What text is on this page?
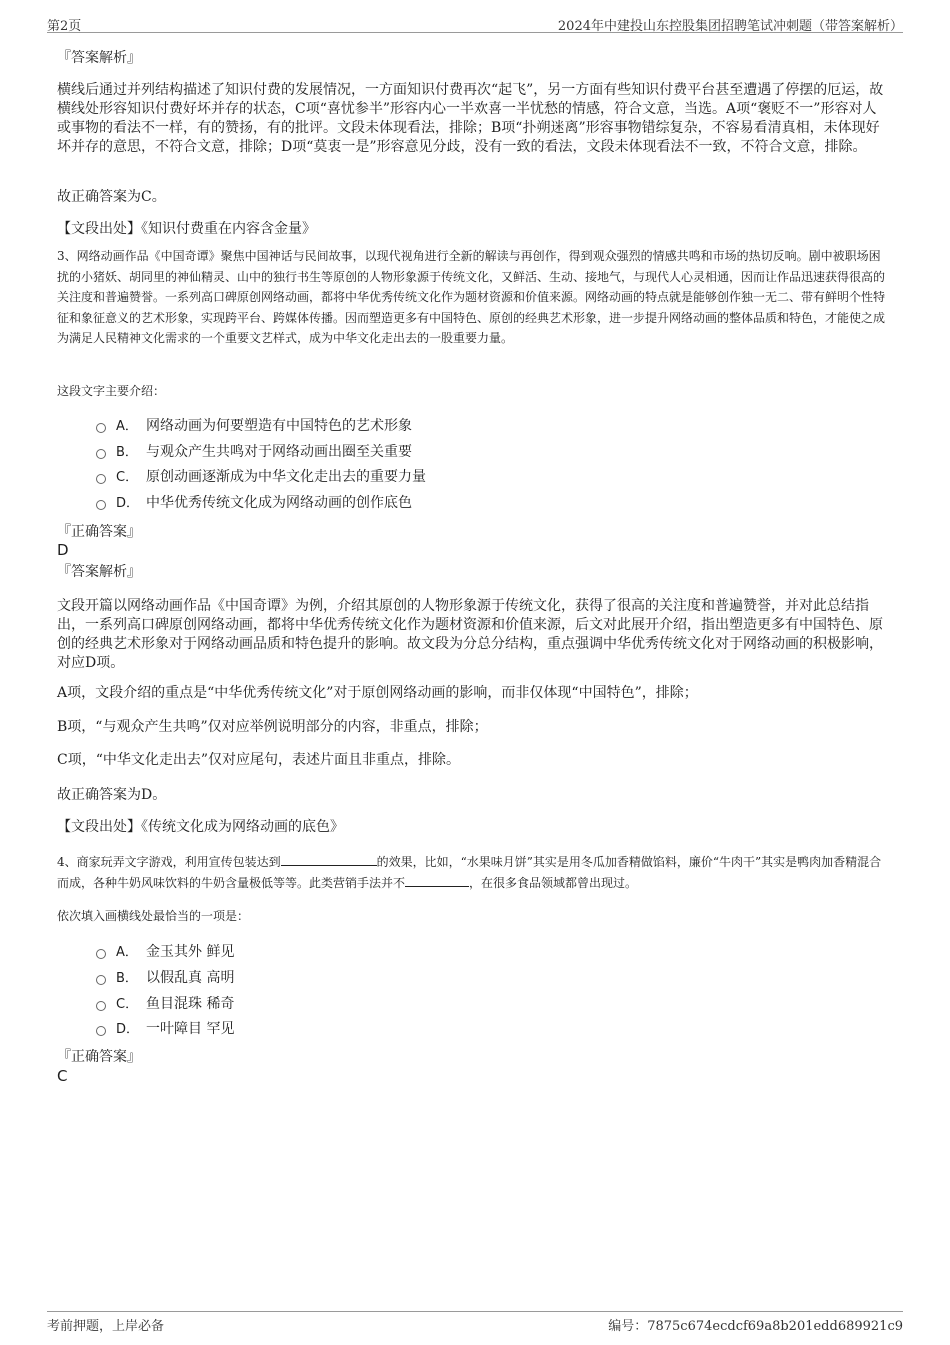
第2页	2024年中建投山东控股集团招聘笔试冲刺题（带答案解析）
『答案解析』
横线后通过并列结构描述了知识付费的发展情况，一方面知识付费再次“起飞”，另一方面有些知识付费平台甚至遭遇了停摆的厄运，故横线处形容知识付费好坏并存的状态，C项“喜忧参半”形容内心一半欢喜一半忧愁的情感，符合文意，当选。A项“褒贬不一”形容对人或事物的看法不一样，有的赞扬，有的批评。文段未体现看法，排除；B项“扑朔迷离”形容事物错综复杂，不容易看清真相，未体现好坏并存的意思，不符合文意，排除；D项“莫衷一是”形容意见分歧，没有一致的看法，文段未体现看法不一致，不符合文意，排除。
故正确答案为C。
【文段出处】《知识付费重在内容含金量》
3、网络动画作品《中国奇谭》聚焦中国神话与民间故事，以现代视角进行全新的解读与再创作，得到观众强烈的情感共鸣和市场的热切反响。剧中被职场困扰的小猪妖、胡同里的神仙精灵、山中的独行书生等原创的人物形象源于传统文化，又鲜活、生动、接地气，与现代人心灵相通，因而让作品迅速获得很高的关注度和普遍赞誉。一系列高口碑原创网络动画，都将中华优秀传统文化作为题材资源和价值来源。网络动画的特点就是能够创作独一无二、带有鲜明个性特征和象征意义的艺术形象，实现跨平台、跨媒体传播。因而塑造更多有中国特色、原创的经典艺术形象，进一步提升网络动画的整体品质和特色，才能使之成为满足人民精神文化需求的一个重要文艺样式，成为中华文化走出去的一股重要力量。
这段文字主要介绍：
A． 网络动画为何要塑造有中国特色的艺术形象
B． 与观众产生共鸣对于网络动画出圈至关重要
C． 原创动画逐渐成为中华文化走出去的重要力量
D． 中华优秀传统文化成为网络动画的创作底色
『正确答案』
D
『答案解析』
文段开篇以网络动画作品《中国奇谭》为例，介绍其原创的人物形象源于传统文化，获得了很高的关注度和普遍赞誉，并对此总结指出，一系列高口碑原创网络动画，都将中华优秀传统文化作为题材资源和价值来源，后文对此展开介绍，指出塑造更多有中国特色、原创的经典艺术形象对于网络动画品质和特色提升的影响。故文段为分总分结构，重点强调中华优秀传统文化对于网络动画的积极影响，对应D项。
A项，文段介绍的重点是“中华优秀传统文化”对于原创网络动画的影响，而非仅体现“中国特色”，排除；
B项，“与观众产生共鸣”仅对应举例说明部分的内容，非重点，排除；
C项，“中华文化走出去”仅对应尾句，表述片面且非重点，排除。
故正确答案为D。
【文段出处】《传统文化成为网络动画的底色》
4、商家玩弄文字游戏，利用宣传包装达到	的效果，比如，“水果味月饼”其实是用冬瓜加香精做馅料，廉价“牛肉干”其实是鸭肉加香精混合而成，各种牛奶风味饮料的牛奶含量极低等等。此类营销手法并不	，在很多食品领域都曾出现过。
依次填入画横线处最恰当的一项是：
A． 金玉其外 鲜见
B． 以假乱真 高明
C． 鱼目混珠 稀奇
D． 一叶障目 罕见
『正确答案』
C
考前押题，上岸必备	编号：7875c674ecdcf69a8b201edd689921c9
